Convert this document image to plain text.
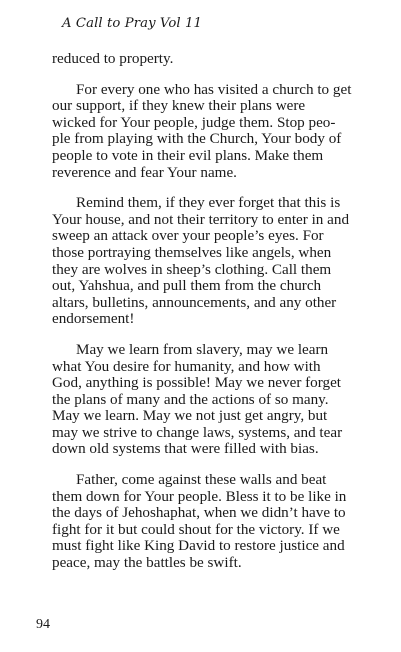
A Call to Pray Vol 11

reduced to property.

For every one who has visited a church to get our support, if they knew their plans were wicked for Your people, judge them. Stop peo-ple from playing with the Church, Your body of people to vote in their evil plans. Make them reverence and fear Your name.

Remind them, if they ever forget that this is Your house, and not their territory to enter in and sweep an attack over your people’s eyes. For those portraying themselves like angels, when they are wolves in sheep’s clothing. Call them out, Yahshua, and pull them from the church altars, bulletins, announcements, and any other endorsement!

May we learn from slavery, may we learn what You desire for humanity, and how with God, anything is possible! May we never forget the plans of many and the actions of so many. May we learn. May we not just get angry, but may we strive to change laws, systems, and tear down old systems that were filled with bias.

Father, come against these walls and beat them down for Your people. Bless it to be like in the days of Jehoshaphat, when we didn’t have to fight for it but could shout for the victory. If we must fight like King David to restore justice and peace, may the battles be swift.

94
